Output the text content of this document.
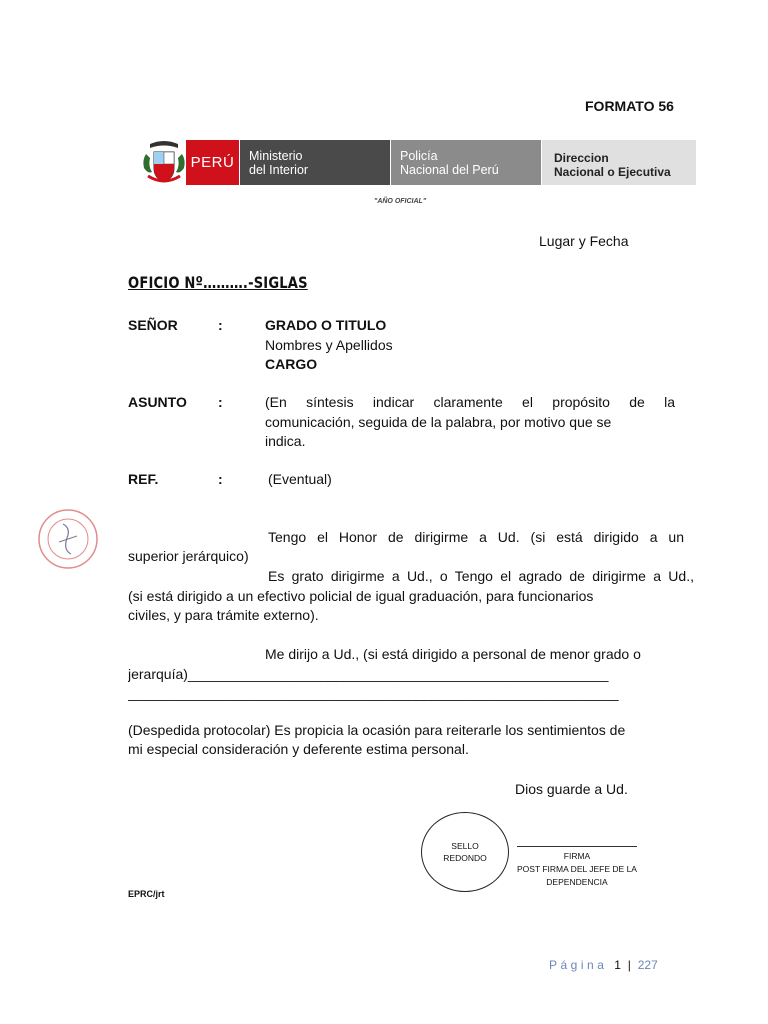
FORMATO 56
PERÚ	Ministerio
del Interior
Policía
Nacional del Perú
Direccion
Nacional o Ejecutiva
"AÑO OFICIAL"
Lugar y Fecha
OFICIO Nº……….-SIGLAS
SEÑOR	:	GRADO O TITULO
Nombres y Apellidos
CARGO
ASUNTO :	(En síntesis indicar claramente el propósito de la
comunicación, seguida de la palabra, por motivo que se
indica.
REF.	:	(Eventual)
Tengo el Honor de dirigirme a Ud. (si está dirigido a un
superior jerárquico)
Es grato dirigirme a Ud., o Tengo el agrado de dirigirme a Ud.,
(si está dirigido a un efectivo policial de igual graduación, para funcionarios
civiles, y para trámite externo).
Me dirijo a Ud., (si está dirigido a personal de menor grado o
jerarquía)______________________________________________________
_______________________________________________________________
(Despedida protocolar) Es propicia la ocasión para reiterarle los sentimientos de
mi especial consideración y deferente estima personal.
Dios guarde a Ud.
SELLO
REDONDO	FIRMA
POST FIRMA DEL JEFE DE LA
DEPENDENCIA
EPRC/jrt
Página 1 | 227
